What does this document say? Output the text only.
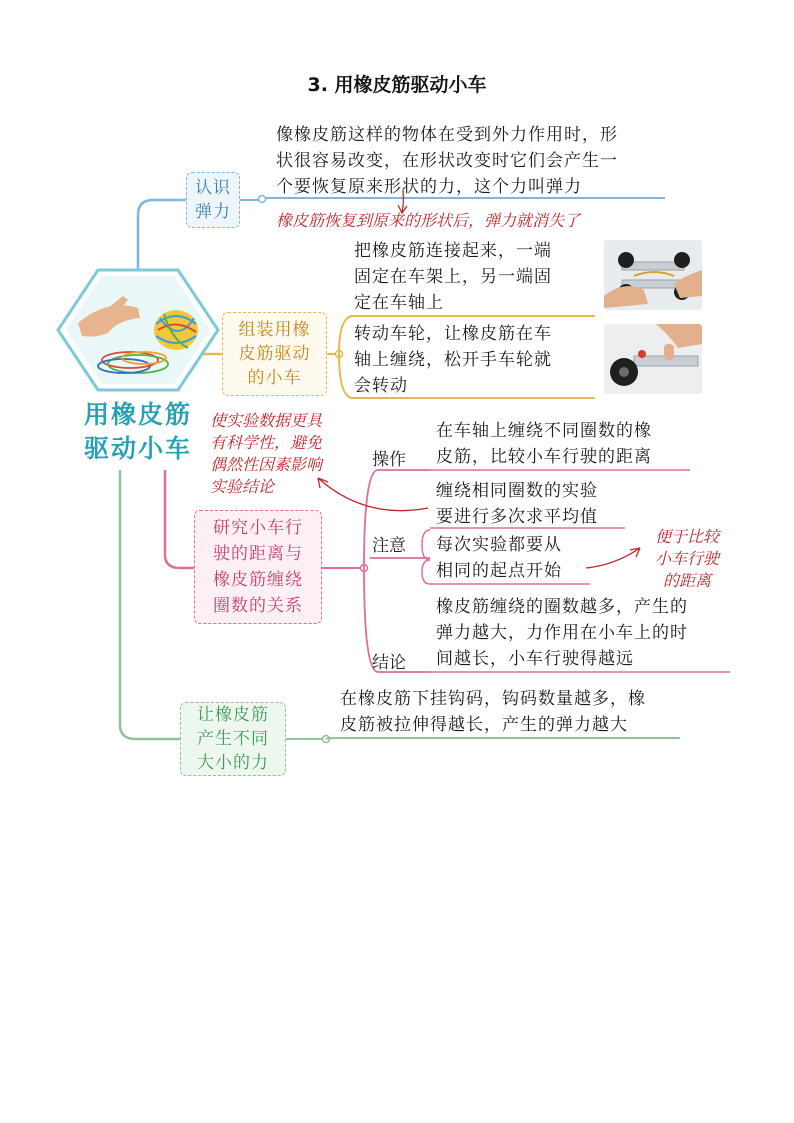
3. 用橡皮筋驱动小车
用橡皮筋
驱动小车
认识
弹力
像橡皮筋这样的物体在受到外力作用时，形
状很容易改变，在形状改变时它们会产生一
个要恢复原来形状的力，这个力叫弹力
橡皮筋恢复到原来的形状后，弹力就消失了
组装用橡
皮筋驱动
的小车
把橡皮筋连接起来，一端
固定在车架上，另一端固
定在车轴上
转动车轮，让橡皮筋在车
轴上缠绕，松开手车轮就
会转动
研究小车行
驶的距离与
橡皮筋缠绕
圈数的关系
使实验数据更具
有科学性，避免
偶然性因素影响
实验结论
操作
在车轴上缠绕不同圈数的橡
皮筋，比较小车行驶的距离
注意
缠绕相同圈数的实验
要进行多次求平均值
每次实验都要从
相同的起点开始
便于比较
小车行驶
的距离
结论
橡皮筋缠绕的圈数越多，产生的
弹力越大，力作用在小车上的时
间越长，小车行驶得越远
让橡皮筋
产生不同
大小的力
在橡皮筋下挂钩码，钩码数量越多，橡
皮筋被拉伸得越长，产生的弹力越大
